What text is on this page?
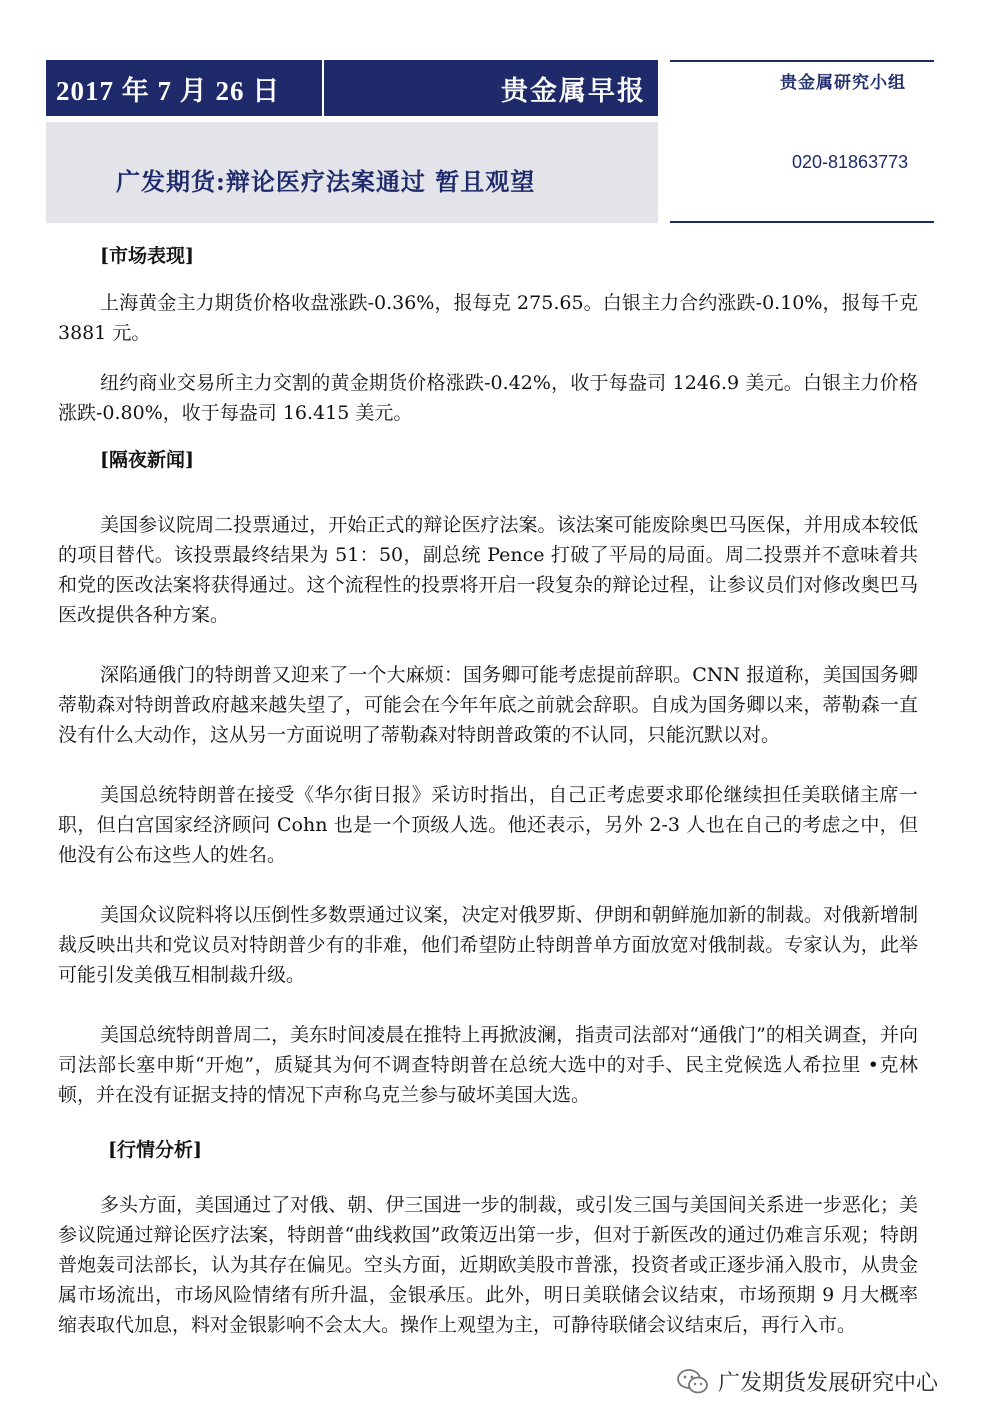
2017 年 7 月 26 日	贵金属早报
广发期货:辩论医疗法案通过 暂且观望
贵金属研究小组
020-81863773
[市场表现]

上海黄金主力期货价格收盘涨跌-0.36%，报每克 275.65。白银主力合约涨跌-0.10%，报每千克 3881 元。

纽约商业交易所主力交割的黄金期货价格涨跌-0.42%，收于每盎司 1246.9 美元。白银主力价格涨跌-0.80%，收于每盎司 16.415 美元。

[隔夜新闻]

美国参议院周二投票通过，开始正式的辩论医疗法案。该法案可能废除奥巴马医保，并用成本较低的项目替代。该投票最终结果为 51：50，副总统 Pence 打破了平局的局面。周二投票并不意味着共和党的医改法案将获得通过。这个流程性的投票将开启一段复杂的辩论过程，让参议员们对修改奥巴马医改提供各种方案。

深陷通俄门的特朗普又迎来了一个大麻烦：国务卿可能考虑提前辞职。CNN 报道称，美国国务卿蒂勒森对特朗普政府越来越失望了，可能会在今年年底之前就会辞职。自成为国务卿以来，蒂勒森一直没有什么大动作，这从另一方面说明了蒂勒森对特朗普政策的不认同，只能沉默以对。

美国总统特朗普在接受《华尔街日报》采访时指出，自己正考虑要求耶伦继续担任美联储主席一职，但白宫国家经济顾问 Cohn 也是一个顶级人选。他还表示，另外 2-3 人也在自己的考虑之中，但他没有公布这些人的姓名。

美国众议院料将以压倒性多数票通过议案，决定对俄罗斯、伊朗和朝鲜施加新的制裁。对俄新增制裁反映出共和党议员对特朗普少有的非难，他们希望防止特朗普单方面放宽对俄制裁。专家认为，此举可能引发美俄互相制裁升级。

美国总统特朗普周二，美东时间凌晨在推特上再掀波澜，指责司法部对“通俄门”的相关调查，并向司法部长塞申斯“开炮”，质疑其为何不调查特朗普在总统大选中的对手、民主党候选人希拉里 •克林顿，并在没有证据支持的情况下声称乌克兰参与破坏美国大选。

[行情分析]

多头方面，美国通过了对俄、朝、伊三国进一步的制裁，或引发三国与美国间关系进一步恶化；美参议院通过辩论医疗法案，特朗普“曲线救国”政策迈出第一步，但对于新医改的通过仍难言乐观；特朗普炮轰司法部长，认为其存在偏见。空头方面，近期欧美股市普涨，投资者或正逐步涌入股市，从贵金属市场流出，市场风险情绪有所升温，金银承压。此外，明日美联储会议结束，市场预期 9 月大概率缩表取代加息，料对金银影响不会太大。操作上观望为主，可静待联储会议结束后，再行入市。

广发期货发展研究中心
